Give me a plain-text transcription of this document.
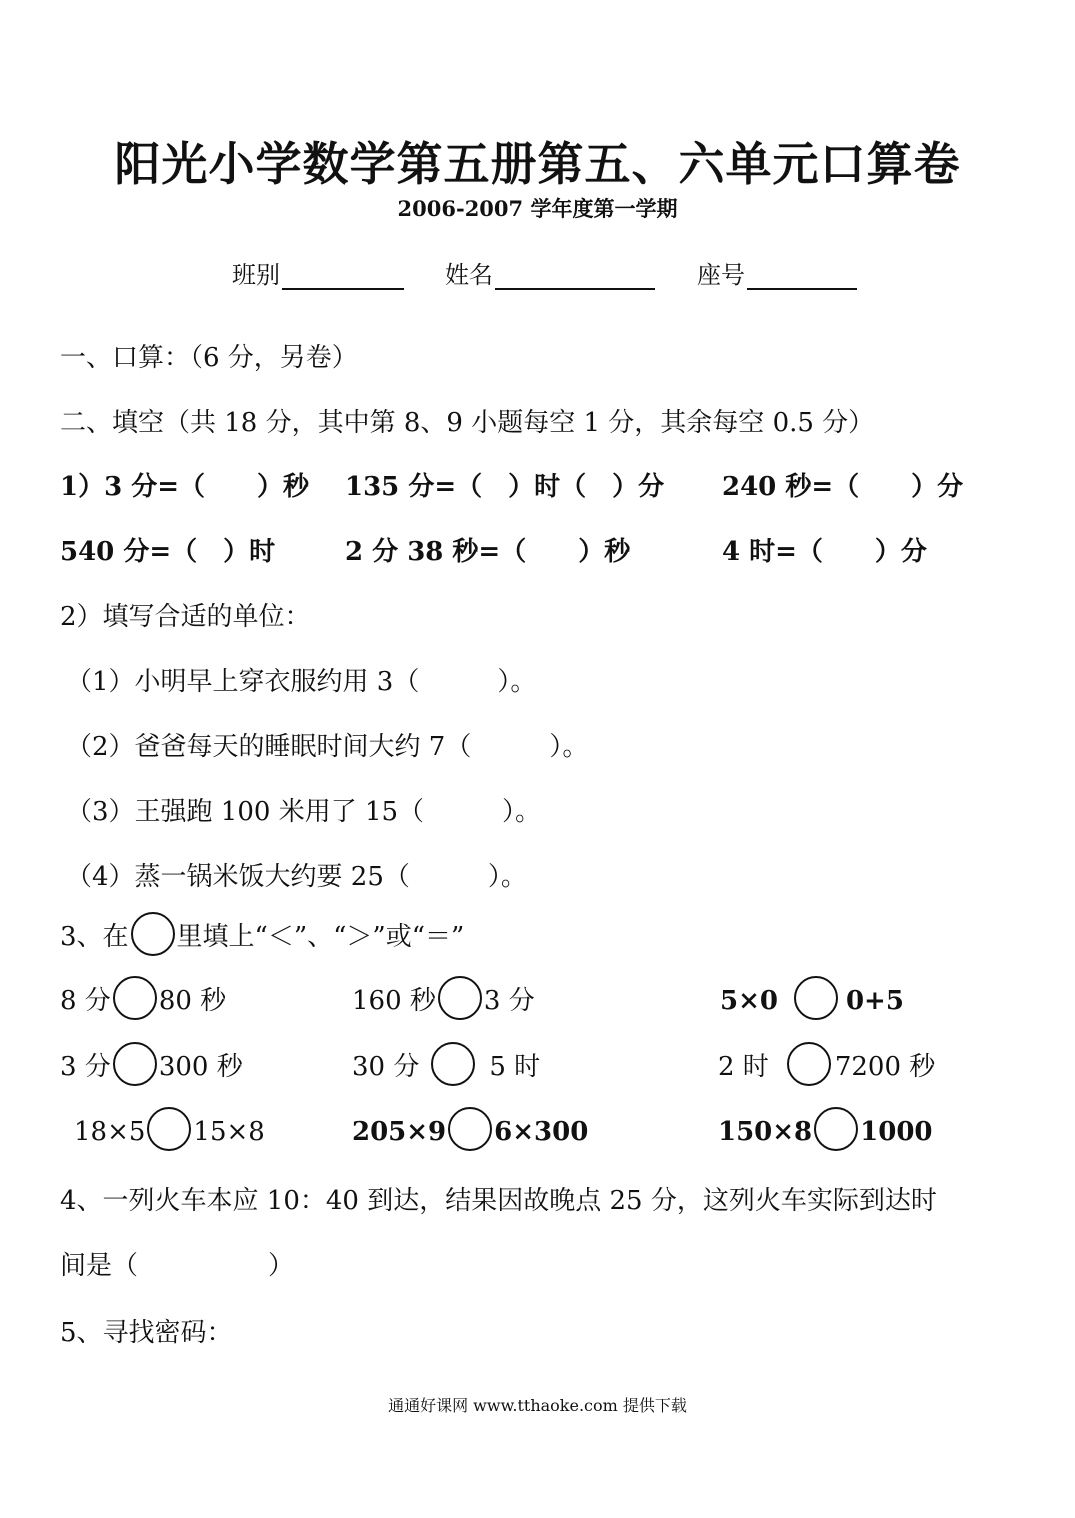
阳光小学数学第五册第五、六单元口算卷
2006-2007 学年度第一学期
班别	姓名	座号
一、口算：（6 分，另卷）
二、填空（共 18 分，其中第 8、9 小题每空 1 分，其余每空 0.5 分）
1）3 分=（　　）秒 135 分=（　）时（　）分 240 秒=（　　）分
540 分=（　）时	2 分 38 秒=（　　）秒	4 时=（　　）分
2）填写合适的单位：
（1）小明早上穿衣服约用 3（　　　）。
（2）爸爸每天的睡眠时间大约 7（　　　）。
（3）王强跑 100 米用了 15（　　　）。
（4）蒸一锅米饭大约要 25（　　　）。
3、在 里填上“＜”、“＞”或“＝”
8 分 80 秒	160 秒 3 分	5×0	0+5
3 分 300 秒	30 分	5 时	2 时	7200 秒
18×5 15×8	205×9 6×300	150×8 1000
4、一列火车本应 10：40 到达，结果因故晚点 25 分，这列火车实际到达时
间是（　　　　　）
5、寻找密码：
通通好课网 www.tthaoke.com 提供下载
